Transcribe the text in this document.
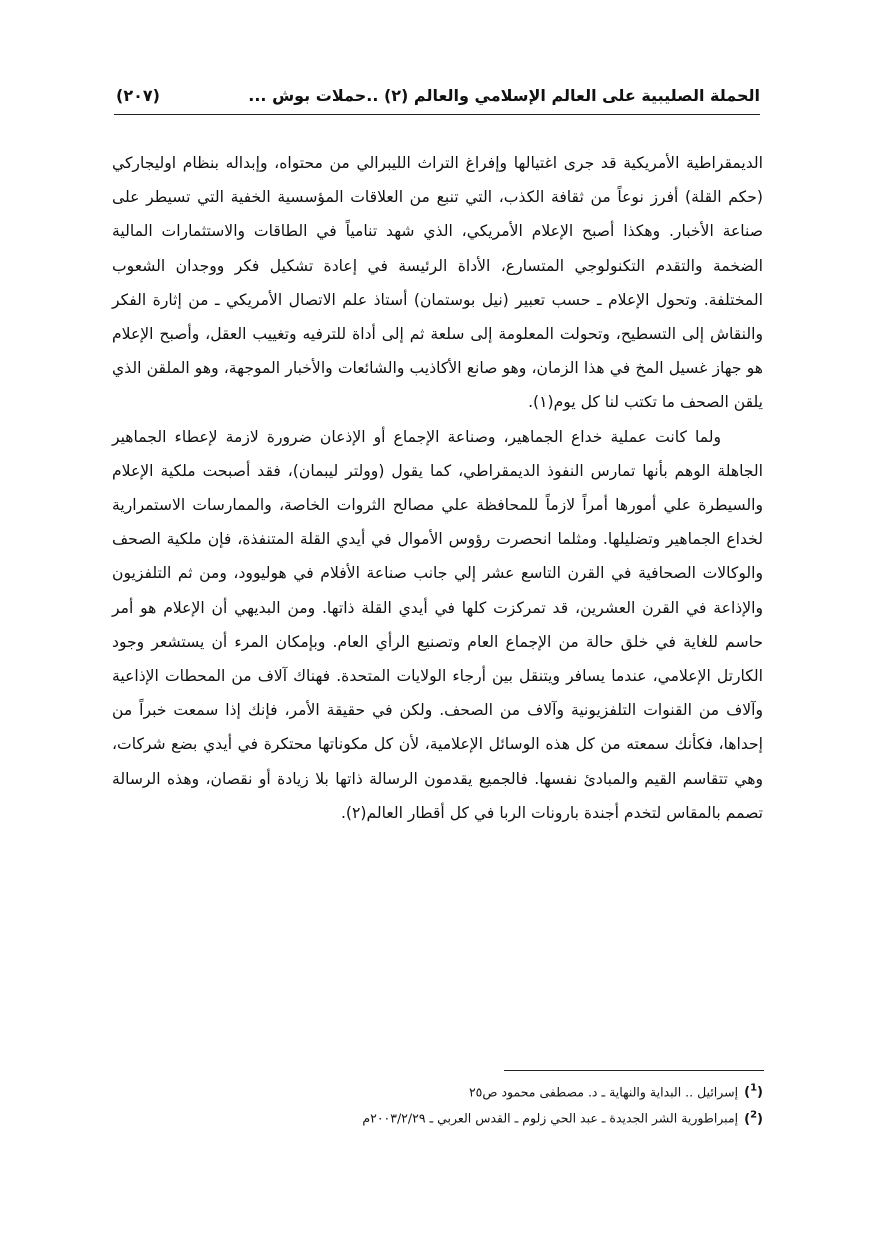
الحملة الصليبية على العالم الإسلامي والعالم (٢) ..حملات بوش ...
(٢٠٧)

الديمقراطية الأمريكية قد جرى اغتيالها وإفراغ التراث الليبرالي من محتواه، وإبداله بنظام اوليجاركي (حكم القلة) أفرز نوعاً من ثقافة الكذب، التي تنبع من العلاقات المؤسسية الخفية التي تسيطر على صناعة الأخبار. وهكذا أصبح الإعلام الأمريكي، الذي شهد تنامياً في الطاقات والاستثمارات المالية الضخمة والتقدم التكنولوجي المتسارع، الأداة الرئيسة في إعادة تشكيل فكر ووجدان الشعوب المختلفة. وتحول الإعلام ـ حسب تعبير (نيل بوستمان) أستاذ علم الاتصال الأمريكي ـ من إثارة الفكر والنقاش إلى التسطيح، وتحولت المعلومة إلى سلعة ثم إلى أداة للترفيه وتغييب العقل، وأصبح الإعلام هو جهاز غسيل المخ في هذا الزمان، وهو صانع الأكاذيب والشائعات والأخبار الموجهة، وهو الملقن الذي يلقن الصحف ما تكتب لنا كل يوم(١).

ولما كانت عملية خداع الجماهير، وصناعة الإجماع أو الإذعان ضرورة لازمة لإعطاء الجماهير الجاهلة الوهم بأنها تمارس النفوذ الديمقراطي، كما يقول (وولتر ليبمان)، فقد أصبحت ملكية الإعلام والسيطرة علي أمورها أمراً لازماً للمحافظة علي مصالح الثروات الخاصة، والممارسات الاستمرارية لخداع الجماهير وتضليلها. ومثلما انحصرت رؤوس الأموال في أيدي القلة المتنفذة، فإن ملكية الصحف والوكالات الصحافية في القرن التاسع عشر إلي جانب صناعة الأفلام في هوليوود، ومن ثم التلفزيون والإذاعة في القرن العشرين، قد تمركزت كلها في أيدي القلة ذاتها. ومن البديهي أن الإعلام هو أمر حاسم للغاية في خلق حالة من الإجماع العام وتصنيع الرأي العام. وبإمكان المرء أن يستشعر وجود الكارتل الإعلامي، عندما يسافر ويتنقل بين أرجاء الولايات المتحدة. فهناك آلاف من المحطات الإذاعية وآلاف من القنوات التلفزيونية وآلاف من الصحف. ولكن في حقيقة الأمر، فإنك إذا سمعت خبراً من إحداها، فكأنك سمعته من كل هذه الوسائل الإعلامية، لأن كل مكوناتها محتكرة في أيدي بضع شركات، وهي تتقاسم القيم والمبادئ نفسها. فالجميع يقدمون الرسالة ذاتها بلا زيادة أو نقصان، وهذه الرسالة تصمم بالمقاس لتخدم أجندة بارونات الربا في كل أقطار العالم(٢).

($^1$)إسرائيل .. البداية والنهاية ـ د. مصطفى محمود ص٢٥
($^2$)إمبراطورية الشر الجديدة ـ عبد الحي زلوم ـ القدس العربي ـ ٢٠٠٣/٢/٢٩م
